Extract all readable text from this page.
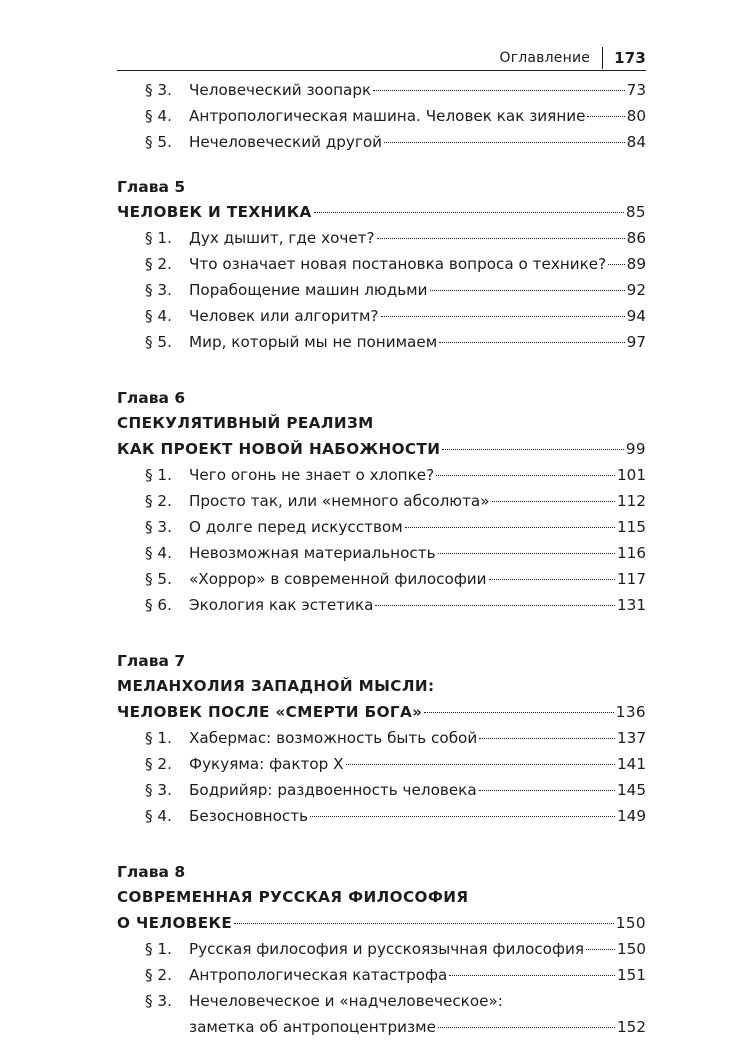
Оглавление 173
§ 3.	Человеческий зоопарк	73
§ 4.	Антропологическая машина. Человек как зияние	80
§ 5.	Нечеловеческий другой	84
Глава 5
ЧЕЛОВЕК И ТЕХНИКА	85
§ 1.	Дух дышит, где хочет?	86
§ 2.	Что означает новая постановка вопроса о технике? 89
§ 3.	Порабощение машин людьми	92
§ 4.	Человек или алгоритм?	94
§ 5.	Мир, который мы не понимаем	97
Глава 6
СПЕКУЛЯТИВНЫЙ РЕАЛИЗМ
КАК ПРОЕКТ НОВОЙ НАБОЖНОСТИ	99
§ 1.	Чего огонь не знает о хлопке?	101
§ 2.	Просто так, или «немного абсолюта»	112
§ 3.	О долге перед искусством	115
§ 4.	Невозможная материальность	116
§ 5.	«Хоррор» в современной философии	117
§ 6.	Экология как эстетика	131
Глава 7
МЕЛАНХОЛИЯ ЗАПАДНОЙ МЫСЛИ:
ЧЕЛОВЕК ПОСЛЕ «СМЕРТИ БОГА»	136
§ 1.	Хабермас: возможность быть собой	137
§ 2.	Фукуяма: фактор X	141
§ 3.	Бодрийяр: раздвоенность человека	145
§ 4.	Безосновность	149
Глава 8
СОВРЕМЕННАЯ РУССКАЯ ФИЛОСОФИЯ
О ЧЕЛОВЕКЕ	150
§ 1.	Русская философия и русскоязычная философия 150
§ 2.	Антропологическая катастрофа	151
§ 3.	Нечеловеческое и «надчеловеческое»:
заметка об антропоцентризме	152
